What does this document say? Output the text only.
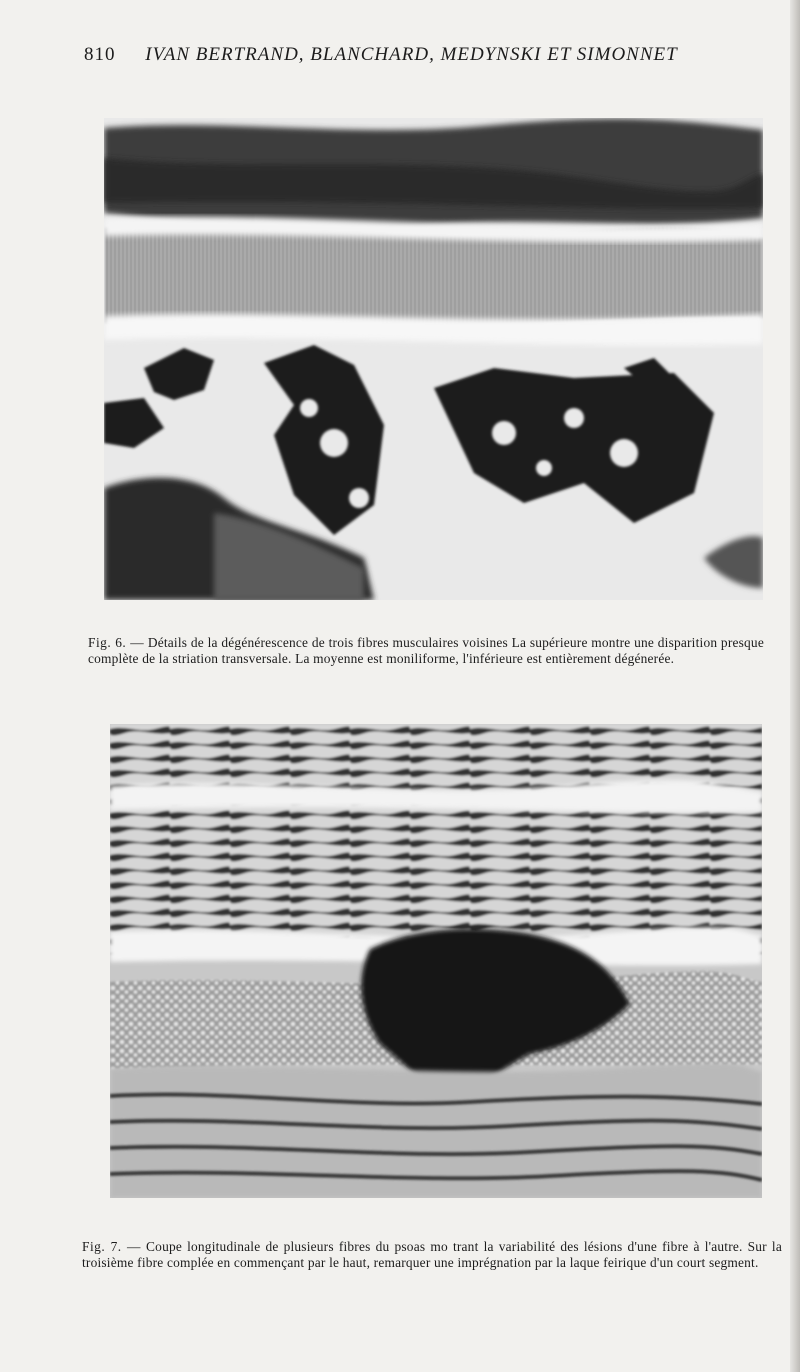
810 IVAN BERTRAND, BLANCHARD, MEDYNSKI ET SIMONNET

Fig. 6. — Détails de la dégénérescence de trois fibres musculaires voisines La supérieure montre une disparition presque complète de la striation transversale. La moyenne est moniliforme, l'inférieure est entièrement dégénerée.

Fig. 7. — Coupe longitudinale de plusieurs fibres du psoas mo trant la variabilité des lésions d'une fibre à l'autre. Sur la troisième fibre complée en commençant par le haut, remarquer une imprégnation par la laque feirique d'un court segment.
